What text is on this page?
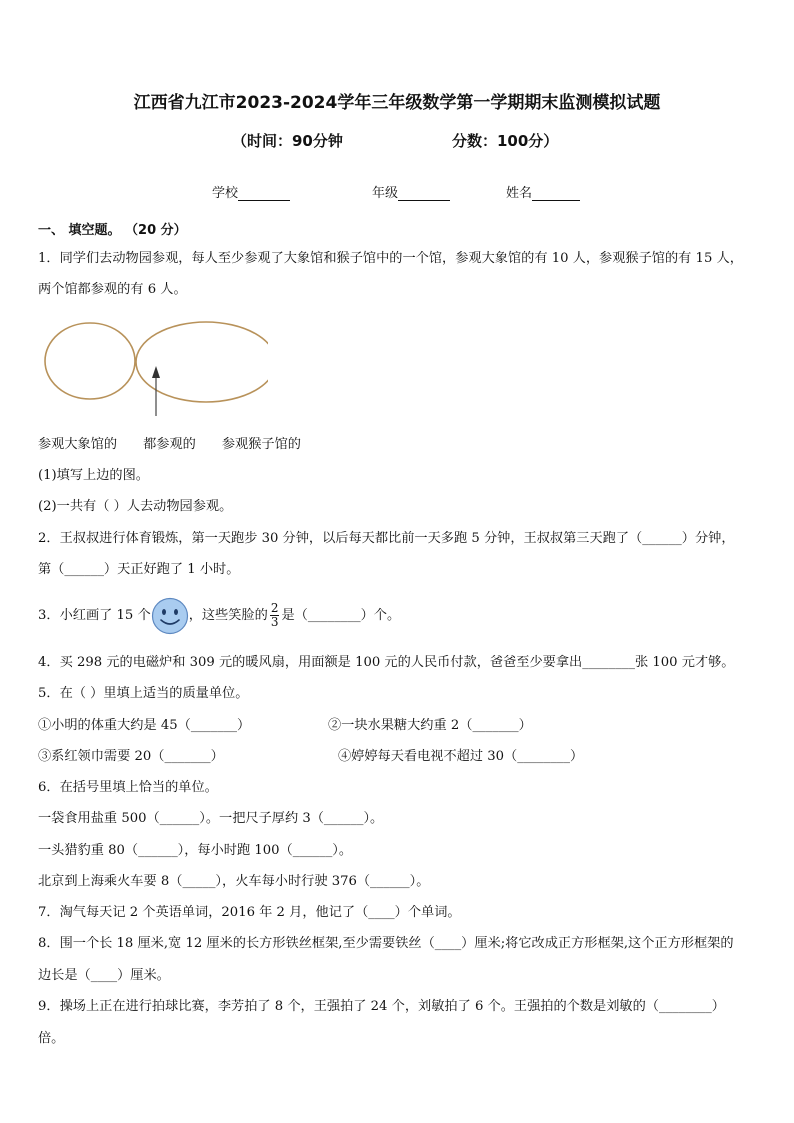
江西省九江市2023-2024学年三年级数学第一学期期末监测模拟试题
（时间：90分钟	分数：100分）
学校	年级	姓名
一、 填空题。 （20 分）
1．同学们去动物园参观，每人至少参观了大象馆和猴子馆中的一个馆，参观大象馆的有 10 人，参观猴子馆的有 15 人，
两个馆都参观的有 6 人。
参观大象馆的 都参观的 参观猴子馆的
(1)填写上边的图。
(2)一共有（ ）人去动物园参观。
2．王叔叔进行体育锻炼，第一天跑步 30 分钟，以后每天都比前一天多跑 5 分钟，王叔叔第三天跑了（______）分钟，
第（______）天正好跑了 1 小时。
3．小红画了 15 个	，这些笑脸的 $\frac{2}{3}$ 是（________）个。
4．买 298 元的电磁炉和 309 元的暖风扇，用面额是 100 元的人民币付款，爸爸至少要拿出________张 100 元才够。
5．在（ ）里填上适当的质量单位。
①小明的体重大约是 45（_______）	②一块水果糖大约重 2（_______）
③系红领巾需要 20（_______）	④婷婷每天看电视不超过 30（________）
6．在括号里填上恰当的单位。
一袋食用盐重 500（______）。一把尺子厚约 3（______）。
一头猎豹重 80（______），每小时跑 100（______）。
北京到上海乘火车要 8（_____），火车每小时行驶 376（______）。
7．淘气每天记 2 个英语单词，2016 年 2 月，他记了（____）个单词。
8．围一个长 18 厘米,宽 12 厘米的长方形铁丝框架,至少需要铁丝（____）厘米;将它改成正方形框架,这个正方形框架的
边长是（____）厘米。
9．操场上正在进行拍球比赛，李芳拍了 8 个，王强拍了 24 个，刘敏拍了 6 个。王强拍的个数是刘敏的（________）
倍。
